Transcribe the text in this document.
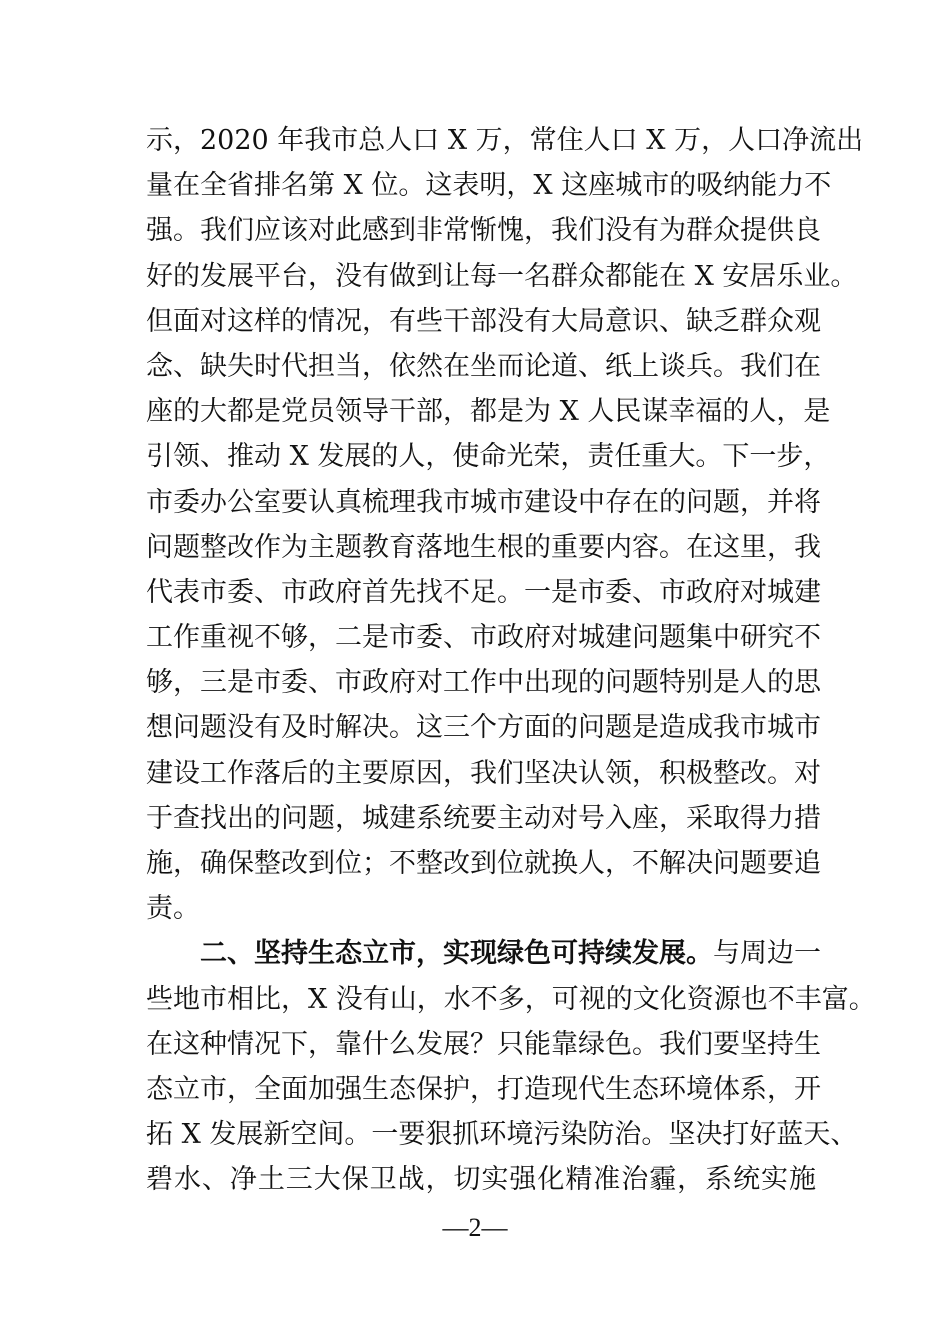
示，2020 年我市总人口 X 万，常住人口 X 万，人口净流出
量在全省排名第 X 位。这表明，X 这座城市的吸纳能力不
强。我们应该对此感到非常惭愧，我们没有为群众提供良
好的发展平台，没有做到让每一名群众都能在 X 安居乐业。
但面对这样的情况，有些干部没有大局意识、缺乏群众观
念、缺失时代担当，依然在坐而论道、纸上谈兵。我们在
座的大都是党员领导干部，都是为 X 人民谋幸福的人，是
引领、推动 X 发展的人，使命光荣，责任重大。下一步，
市委办公室要认真梳理我市城市建设中存在的问题，并将
问题整改作为主题教育落地生根的重要内容。在这里，我
代表市委、市政府首先找不足。一是市委、市政府对城建
工作重视不够，二是市委、市政府对城建问题集中研究不
够，三是市委、市政府对工作中出现的问题特别是人的思
想问题没有及时解决。这三个方面的问题是造成我市城市
建设工作落后的主要原因，我们坚决认领，积极整改。对
于查找出的问题，城建系统要主动对号入座，采取得力措
施，确保整改到位；不整改到位就换人，不解决问题要追
责。
二、坚持生态立市，实现绿色可持续发展。与周边一
些地市相比，X 没有山，水不多，可视的文化资源也不丰富。
在这种情况下，靠什么发展？只能靠绿色。我们要坚持生
态立市，全面加强生态保护，打造现代生态环境体系，开
拓 X 发展新空间。一要狠抓环境污染防治。坚决打好蓝天、
碧水、净土三大保卫战，切实强化精准治霾，系统实施
—2—
